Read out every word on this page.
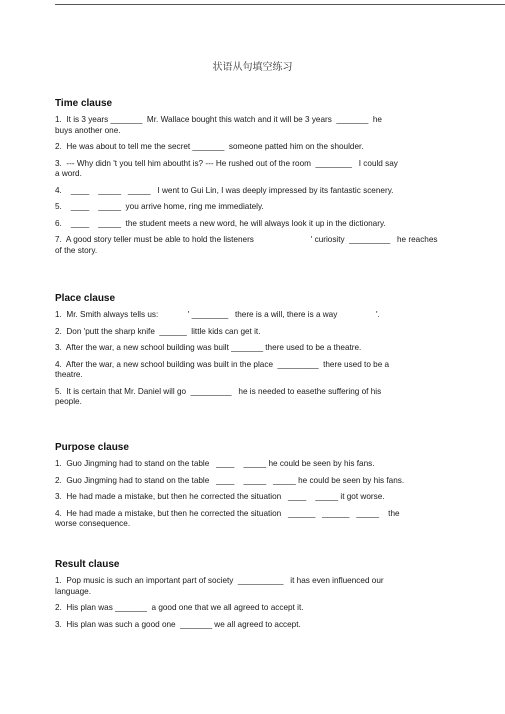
状语从句填空练习
Time clause
1.  It is 3 years _______  Mr. Wallace bought this watch and it will be 3 years  _______  he
buys another one.
2.  He was about to tell me the secret _______  someone patted him on the shoulder.
3.  --- Why didn 't you tell him aboutht is? --- He rushed out of the room  ________   I could say
a word.
4.    ____    _____   _____   I went to Gui Lin, I was deeply impressed by its fantastic scenery.
5.    ____    _____  you arrive home, ring me immediately.
6.    ____    _____  the student meets a new word, he will always look it up in the dictionary.
7.  A good story teller must be able to hold the listeners                         ' curiosity  _________   he reaches
of the story.
Place clause
1.  Mr. Smith always tells us:             ' ________   there is a will, there is a way                 '.
2.  Don 'putt the sharp knife  ______  little kids can get it.
3.  After the war, a new school building was built _______ there used to be a theatre.
4.  After the war, a new school building was built in the place  _________  there used to be a
theatre.
5.  It is certain that Mr. Daniel will go  _________   he is needed to easethe suffering of his
people.
Purpose clause
1.  Guo Jingming had to stand on the table   ____    _____ he could be seen by his fans.
2.  Guo Jingming had to stand on the table   ____    _____   _____ he could be seen by his fans.
3.  He had made a mistake, but then he corrected the situation   ____    _____ it got worse.
4.  He had made a mistake, but then he corrected the situation   ______   ______   _____    the
worse consequence.
Result clause
1.  Pop music is such an important part of society  __________   it has even influenced our
language.
2.  His plan was _______  a good one that we all agreed to accept it.
3.  His plan was such a good one  _______ we all agreed to accept.
